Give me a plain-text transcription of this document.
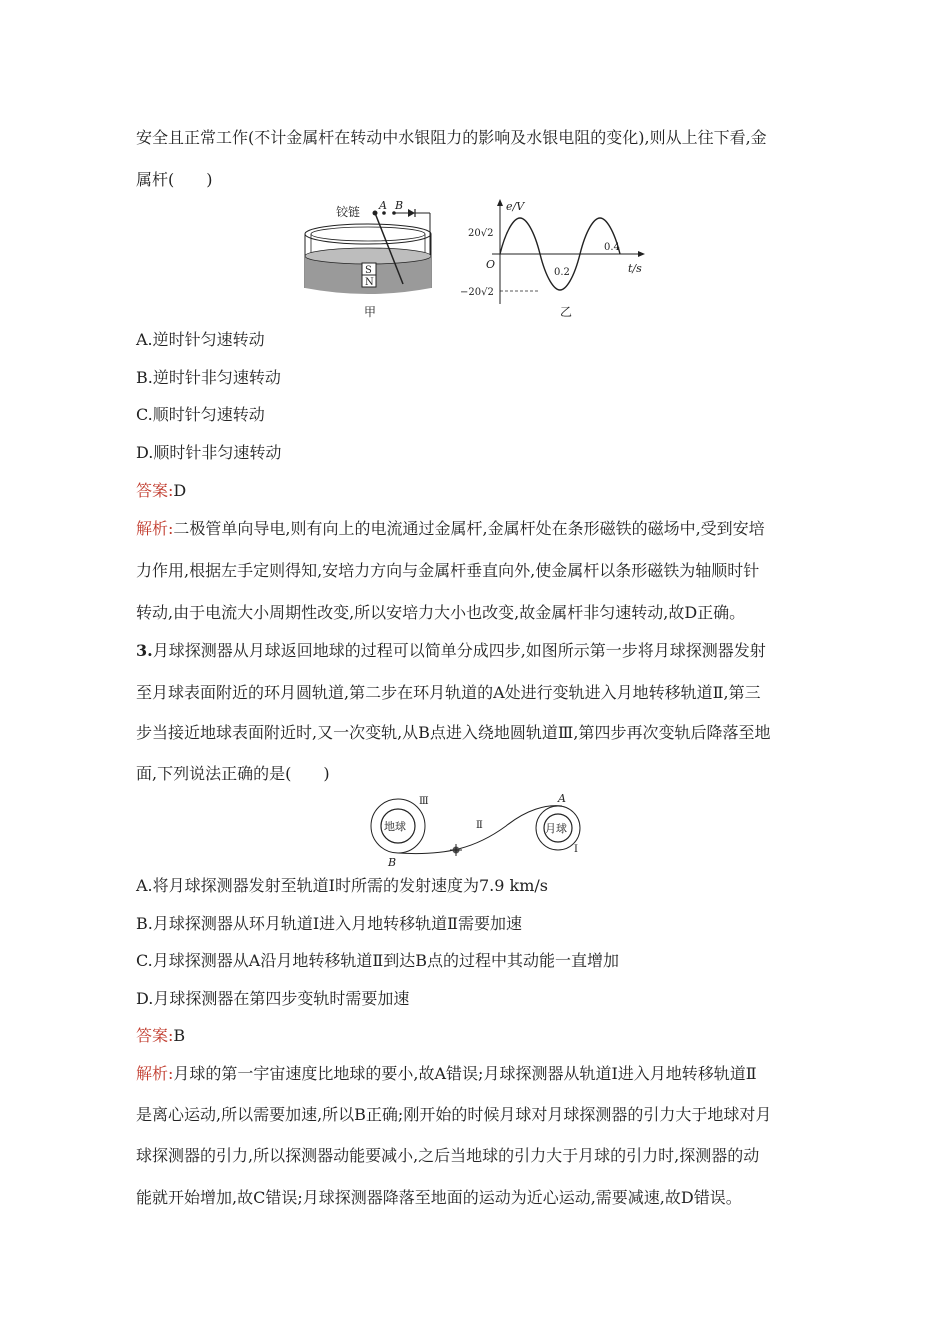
安全且正常工作(不计金属杆在转动中水银阻力的影响及水银电阻的变化),则从上往下看,金
属杆(　　)
铰链 A B
S
N
甲
e/V
t/s
O
20√2
−20√2
0.2
0.4
乙
A.逆时针匀速转动
B.逆时针非匀速转动
C.顺时针匀速转动
D.顺时针非匀速转动
答案:D
解析:二极管单向导电,则有向上的电流通过金属杆,金属杆处在条形磁铁的磁场中,受到安培
力作用,根据左手定则得知,安培力方向与金属杆垂直向外,使金属杆以条形磁铁为轴顺时针
转动,由于电流大小周期性改变,所以安培力大小也改变,故金属杆非匀速转动,故D正确。
3.月球探测器从月球返回地球的过程可以简单分成四步,如图所示第一步将月球探测器发射
至月球表面附近的环月圆轨道,第二步在环月轨道的A处进行变轨进入月地转移轨道Ⅱ,第三
步当接近地球表面附近时,又一次变轨,从B点进入绕地圆轨道Ⅲ,第四步再次变轨后降落至地
面,下列说法正确的是(　　)
地球
Ⅲ
B
月球
Ⅰ
A
Ⅱ
A.将月球探测器发射至轨道Ⅰ时所需的发射速度为7.9 km/s
B.月球探测器从环月轨道Ⅰ进入月地转移轨道Ⅱ需要加速
C.月球探测器从A沿月地转移轨道Ⅱ到达B点的过程中其动能一直增加
D.月球探测器在第四步变轨时需要加速
答案:B
解析:月球的第一宇宙速度比地球的要小,故A错误;月球探测器从轨道Ⅰ进入月地转移轨道Ⅱ
是离心运动,所以需要加速,所以B正确;刚开始的时候月球对月球探测器的引力大于地球对月
球探测器的引力,所以探测器动能要减小,之后当地球的引力大于月球的引力时,探测器的动
能就开始增加,故C错误;月球探测器降落至地面的运动为近心运动,需要减速,故D错误。
